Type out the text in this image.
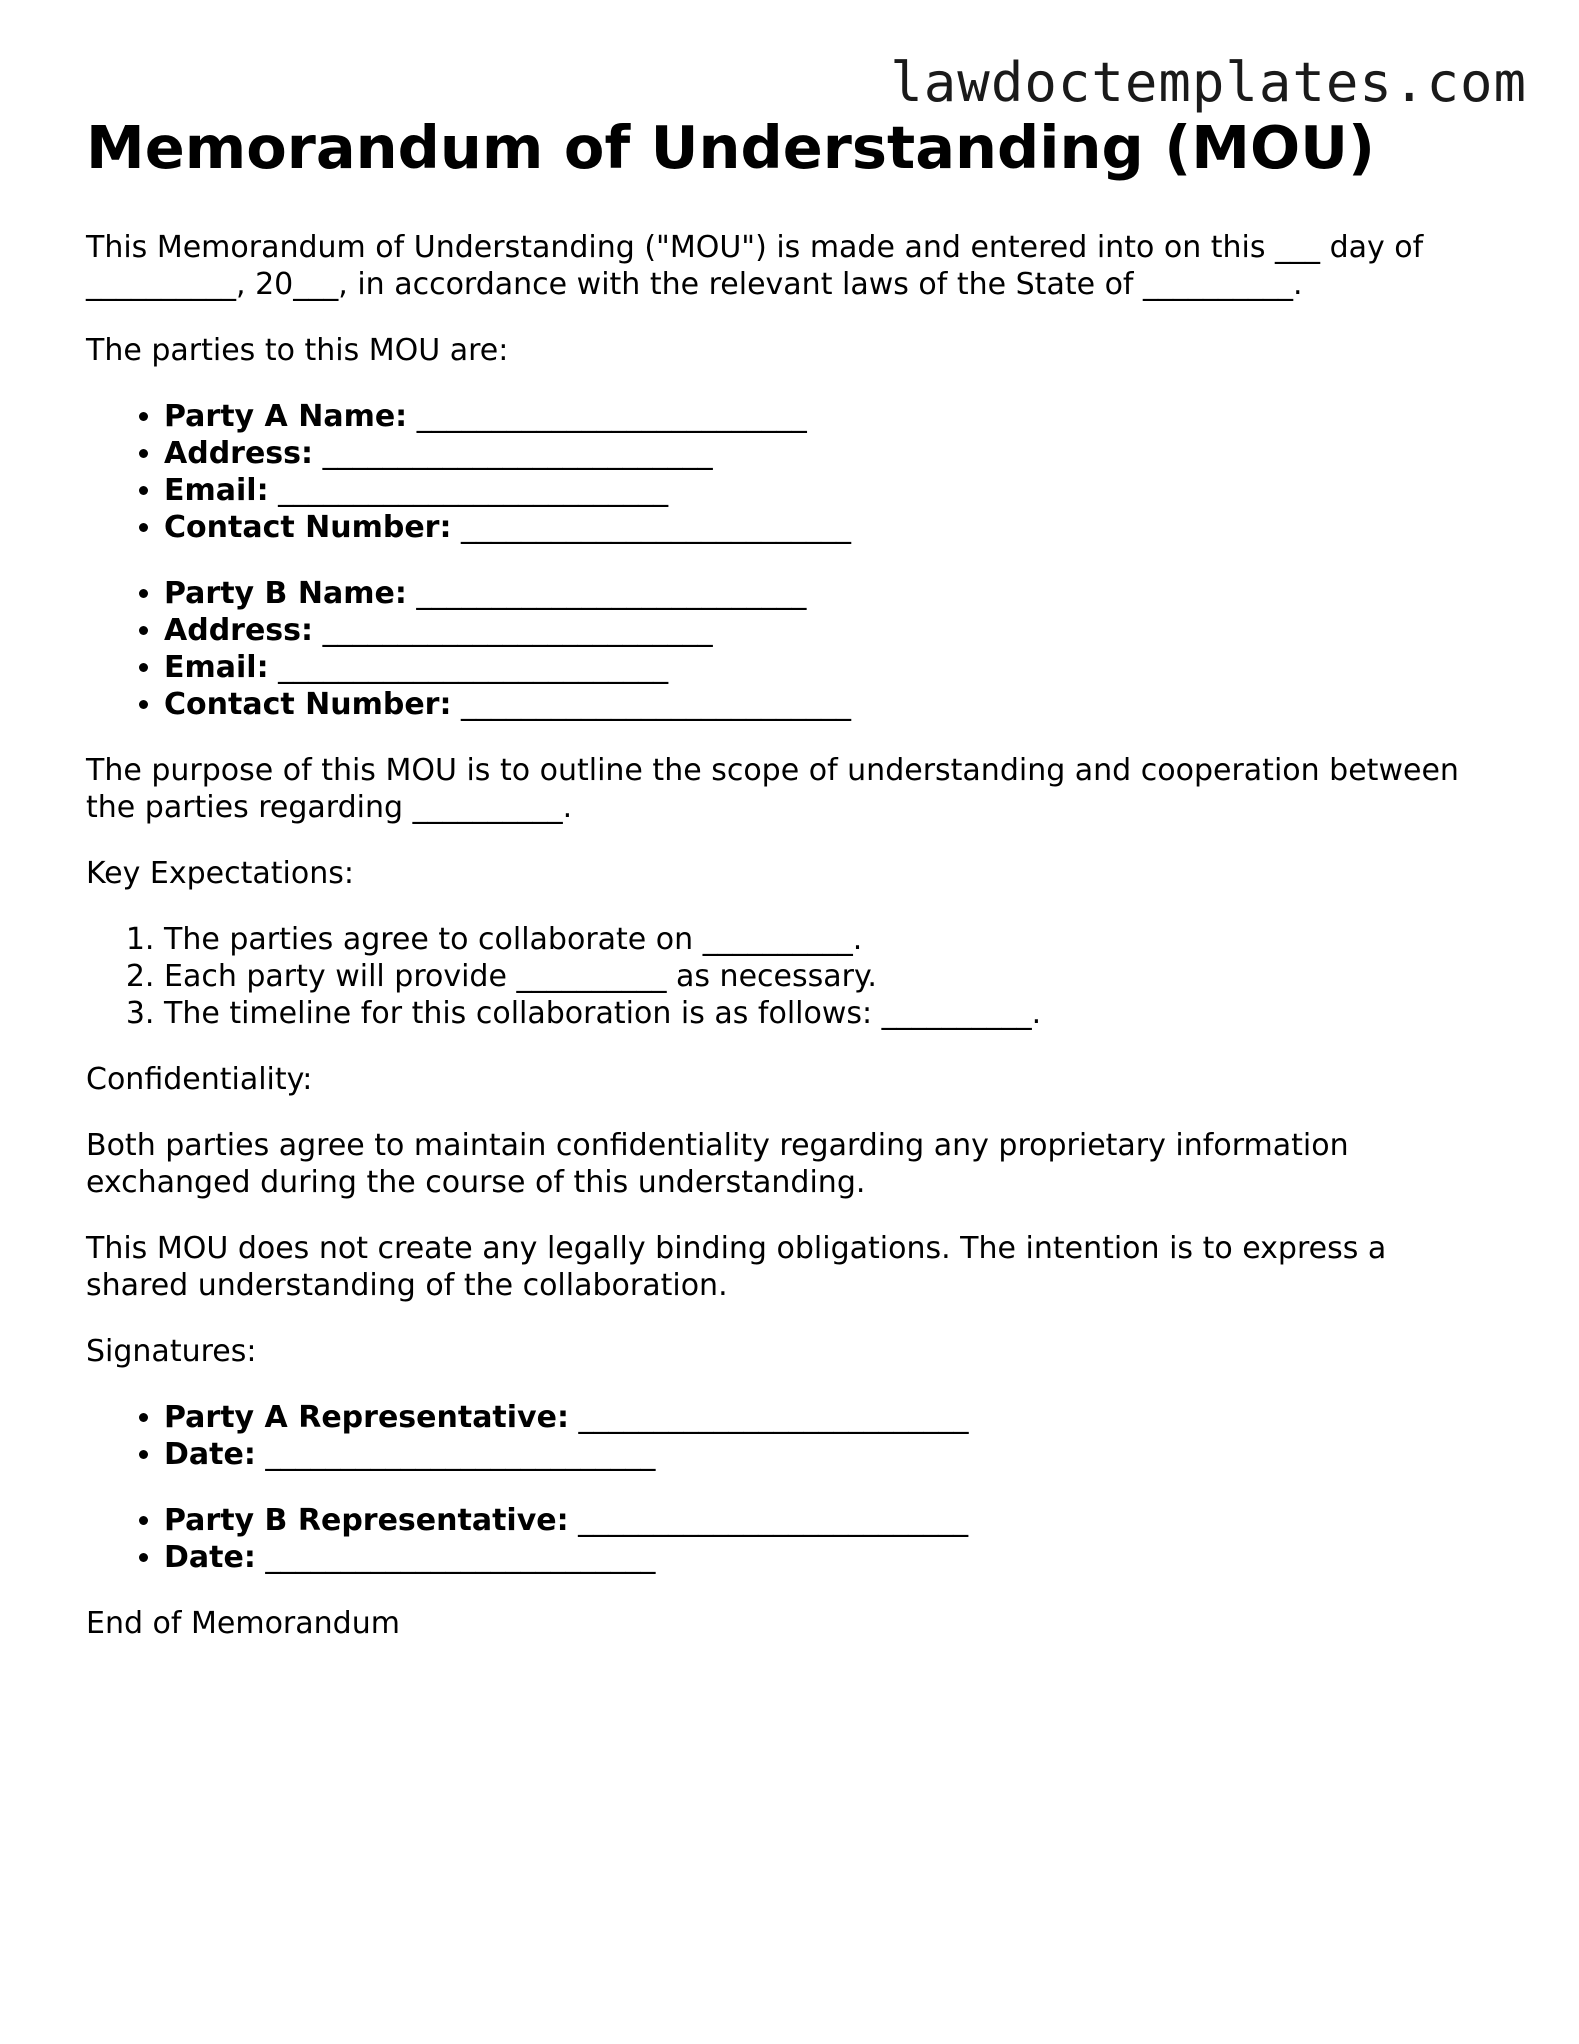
lawdoctemplates.com
Memorandum of Understanding (MOU)

This Memorandum of Understanding ("MOU") is made and entered into on this ___ day of __________, 20___, in accordance with the relevant laws of the State of __________.

The parties to this MOU are:

• Party A Name: __________________________
• Address: __________________________
• Email: __________________________
• Contact Number: __________________________
• Party B Name: __________________________
• Address: __________________________
• Email: __________________________
• Contact Number: __________________________

The purpose of this MOU is to outline the scope of understanding and cooperation between the parties regarding __________.

Key Expectations:

1. The parties agree to collaborate on __________.
2. Each party will provide __________ as necessary.
3. The timeline for this collaboration is as follows: __________.

Confidentiality:

Both parties agree to maintain confidentiality regarding any proprietary information exchanged during the course of this understanding.

This MOU does not create any legally binding obligations. The intention is to express a shared understanding of the collaboration.

Signatures:

• Party A Representative: __________________________
• Date: __________________________
• Party B Representative: __________________________
• Date: __________________________

End of Memorandum
